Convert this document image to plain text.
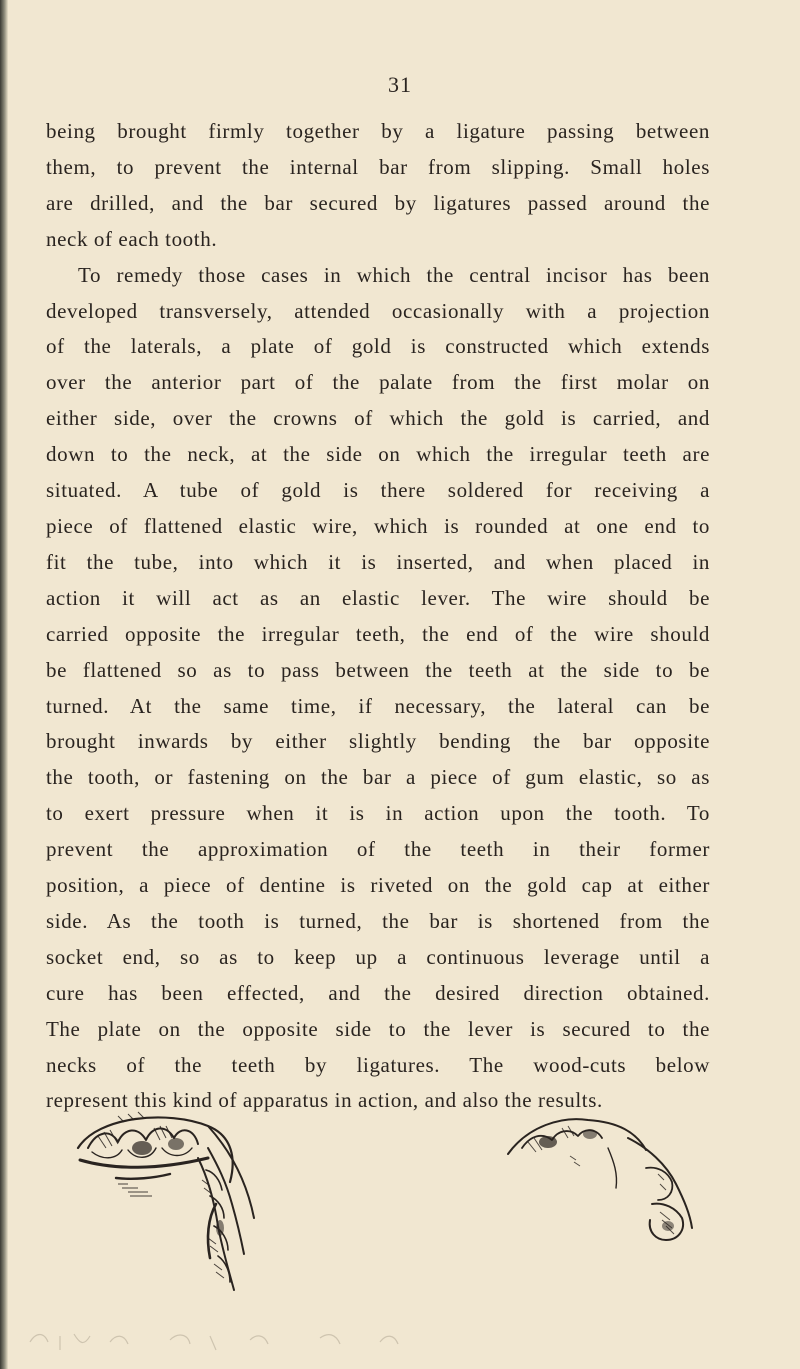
31
being brought firmly together by a ligature passing between
them, to prevent the internal bar from slipping. Small holes
are drilled, and the bar secured by ligatures passed around the
neck of each tooth.
To remedy those cases in which the central incisor has been
developed transversely, attended occasionally with a projection
of the laterals, a plate of gold is constructed which extends
over the anterior part of the palate from the first molar on
either side, over the crowns of which the gold is carried, and
down to the neck, at the side on which the irregular teeth are
situated. A tube of gold is there soldered for receiving a
piece of flattened elastic wire, which is rounded at one end to
fit the tube, into which it is inserted, and when placed in
action it will act as an elastic lever. The wire should be
carried opposite the irregular teeth, the end of the wire should
be flattened so as to pass between the teeth at the side to be
turned. At the same time, if necessary, the lateral can be
brought inwards by either slightly bending the bar opposite
the tooth, or fastening on the bar a piece of gum elastic, so as
to exert pressure when it is in action upon the tooth. To
prevent the approximation of the teeth in their former
position, a piece of dentine is riveted on the gold cap at either
side. As the tooth is turned, the bar is shortened from the
socket end, so as to keep up a continuous leverage until a
cure has been effected, and the desired direction obtained.
The plate on the opposite side to the lever is secured to the
necks of the teeth by ligatures. The wood-cuts below
represent this kind of apparatus in action, and also the results.
